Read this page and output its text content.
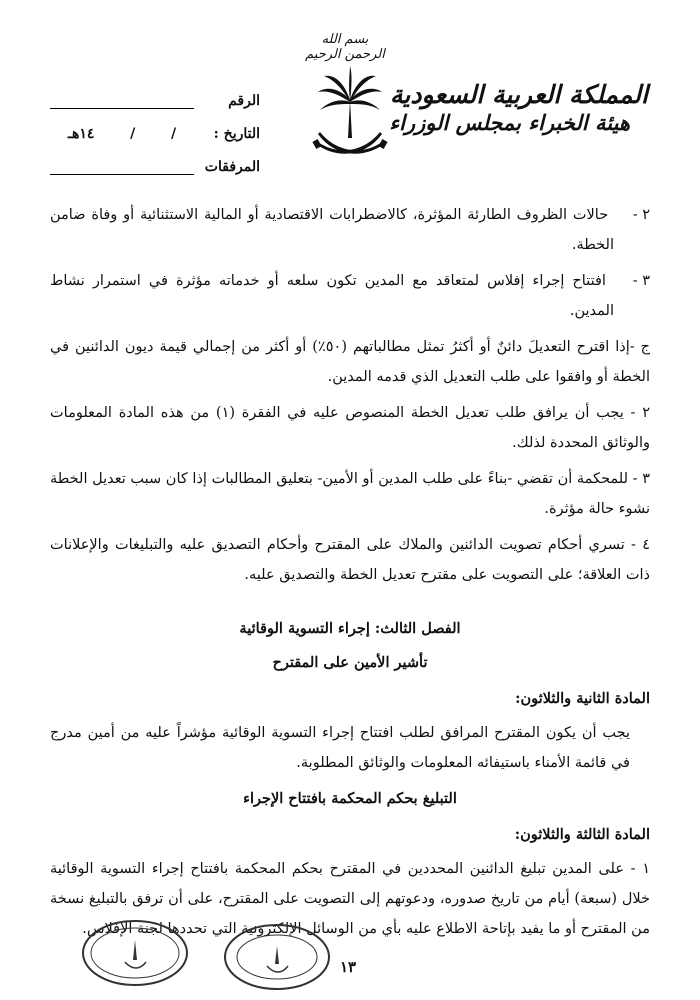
بسم الله الرحمن الرحيم
المملكة العربية السعودية
هيئة الخبراء بمجلس الوزراء
الرقم
التاريخ :
/
/
١٤هـ
المرفقات

٢ - حالات الظروف الطارئة المؤثرة، كالاضطرابات الاقتصادية أو المالية الاستثنائية أو وفاة ضامن الخطة.

٣ - افتتاح إجراء إفلاس لمتعاقد مع المدين تكون سلعه أو خدماته مؤثرة في استمرار نشاط المدين.

ج -إذا اقترح التعديلَ دائنٌ أو أكثرُ تمثل مطالباتهم (٥٠٪) أو أكثر من إجمالي قيمة ديون الدائنين في الخطة أو وافقوا على طلب التعديل الذي قدمه المدين.

٢ - يجب أن يرافق طلب تعديل الخطة المنصوص عليه في الفقرة (١) من هذه المادة المعلومات والوثائق المحددة لذلك.

٣ - للمحكمة أن تقضي -بناءً على طلب المدين أو الأمين- بتعليق المطالبات إذا كان سبب تعديل الخطة نشوء حالة مؤثرة.

٤ - تسري أحكام تصويت الدائنين والملاك على المقترح وأحكام التصديق عليه والتبليغات والإعلانات ذات العلاقة؛ على التصويت على مقترح تعديل الخطة والتصديق عليه.

الفصل الثالث: إجراء التسوية الوقائية
تأشير الأمين على المقترح
المادة الثانية والثلاثون:

يجب أن يكون المقترح المرافق لطلب افتتاح إجراء التسوية الوقائية مؤشراً عليه من أمين مدرج في قائمة الأمناء باستيفائه المعلومات والوثائق المطلوبة.

التبليغ بحكم المحكمة بافتتاح الإجراء
المادة الثالثة والثلاثون:

١ - على المدين تبليغ الدائنين المحددين في المقترح بحكم المحكمة بافتتاح إجراء التسوية الوقائية خلال (سبعة) أيام من تاريخ صدوره، ودعوتهم إلى التصويت على المقترح، على أن ترفق بالتبليغ نسخة من المقترح أو ما يفيد بإتاحة الاطلاع عليه بأي من الوسائل الإلكترونية التي تحددها لجنة الإفلاس.

١٣
